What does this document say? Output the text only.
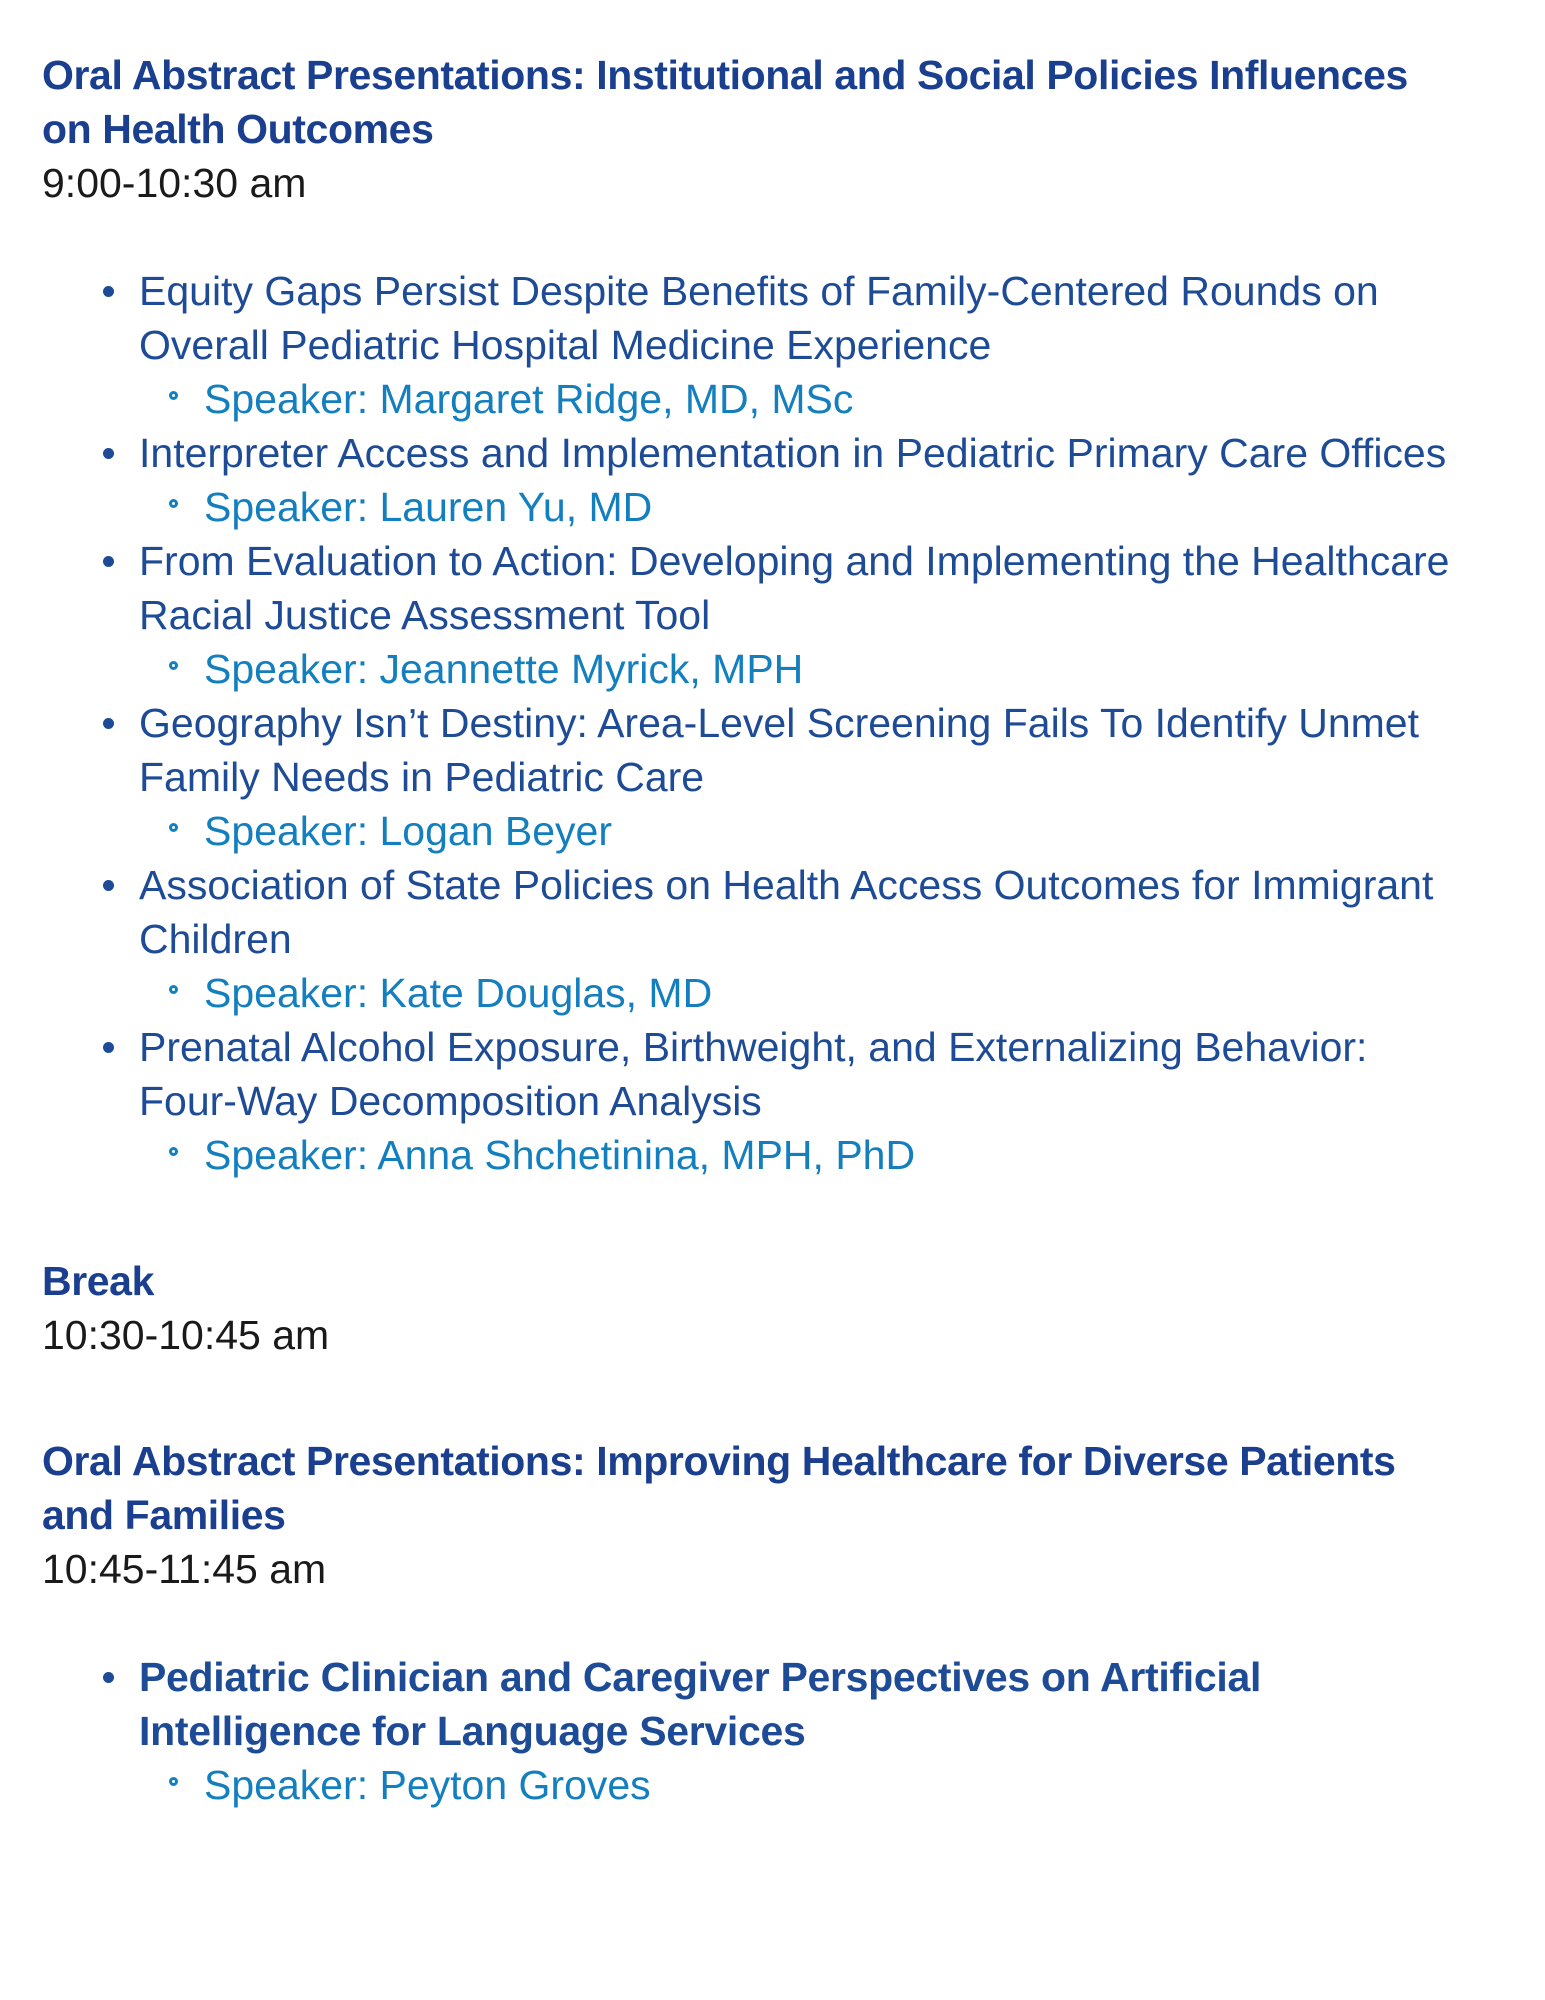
Oral Abstract Presentations: Institutional and Social Policies Influences on Health Outcomes
9:00-10:30 am
Equity Gaps Persist Despite Benefits of Family-Centered Rounds on Overall Pediatric Hospital Medicine Experience
Speaker: Margaret Ridge, MD, MSc
Interpreter Access and Implementation in Pediatric Primary Care Offices
Speaker: Lauren Yu, MD
From Evaluation to Action: Developing and Implementing the Healthcare Racial Justice Assessment Tool
Speaker: Jeannette Myrick, MPH
Geography Isn’t Destiny: Area-Level Screening Fails To Identify Unmet Family Needs in Pediatric Care
Speaker: Logan Beyer
Association of State Policies on Health Access Outcomes for Immigrant Children
Speaker: Kate Douglas, MD
Prenatal Alcohol Exposure, Birthweight, and Externalizing Behavior: Four-Way Decomposition Analysis
Speaker: Anna Shchetinina, MPH, PhD
Break
10:30-10:45 am
Oral Abstract Presentations: Improving Healthcare for Diverse Patients and Families
10:45-11:45 am
Pediatric Clinician and Caregiver Perspectives on Artificial Intelligence for Language Services
Speaker: Peyton Groves
